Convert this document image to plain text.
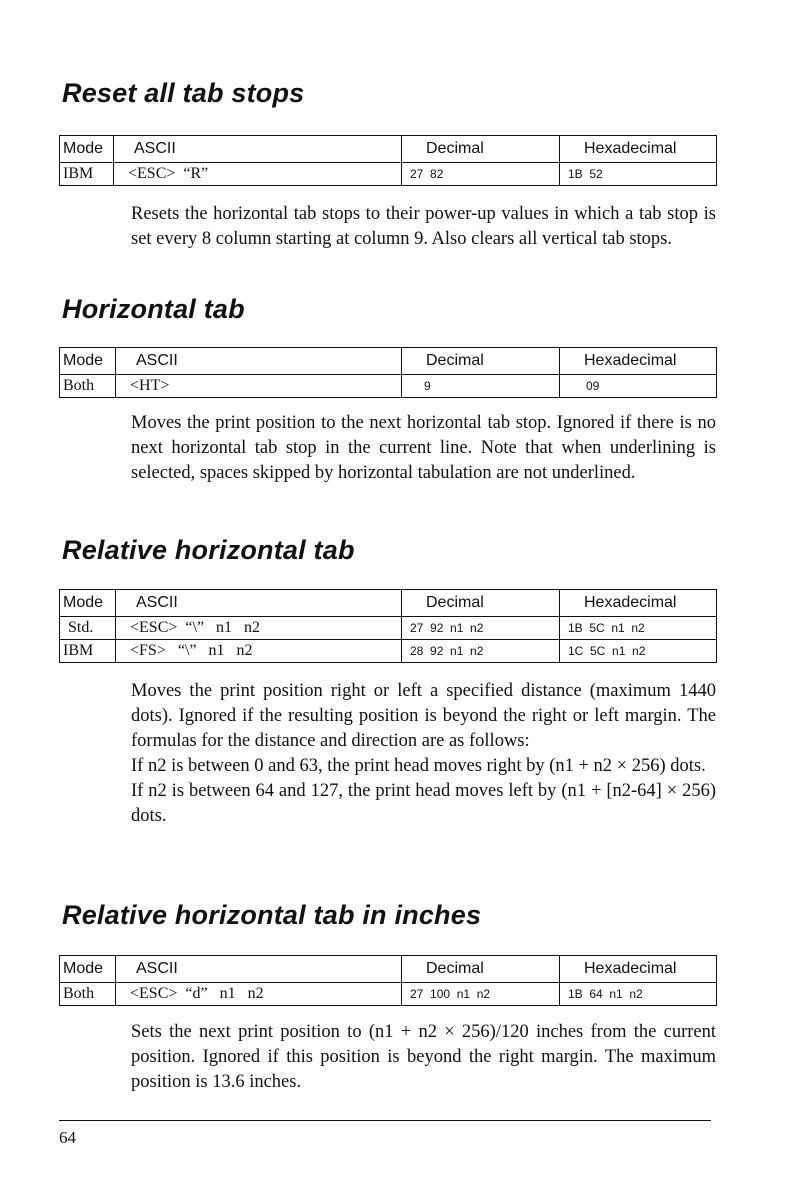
Reset all tab stops
Mode	ASCII	Decimal	Hexadecimal
IBM	<ESC>  “R”	27  82	1B  52

Resets the horizontal tab stops to their power-up values in which a tab stop is set every 8 column starting at column 9. Also clears all vertical tab stops.

Horizontal tab
Mode	ASCII	Decimal	Hexadecimal
Both	<HT>	9	09

Moves the print position to the next horizontal tab stop. Ignored if there is no next horizontal tab stop in the current line. Note that when underlining is selected, spaces skipped by horizontal tabulation are not underlined.

Relative horizontal tab
Mode	ASCII	Decimal	Hexadecimal
Std.	<ESC>  “\”   n1   n2	27  92  n1  n2	1B  5C  n1  n2
IBM	<FS>   “\”   n1   n2	28  92  n1  n2	1C  5C  n1  n2

Moves the print position right or left a specified distance (maximum 1440 dots). Ignored if the resulting position is beyond the right or left margin. The formulas for the distance and direction are as follows:

If n2 is between 0 and 63, the print head moves right by (n1 + n2 × 256) dots.

If n2 is between 64 and 127, the print head moves left by (n1 + [n2-64] × 256) dots.

Relative horizontal tab in inches
Mode	ASCII	Decimal	Hexadecimal
Both	<ESC>  “d”   n1   n2	27  100  n1  n2	1B  64  n1  n2

Sets the next print position to (n1 + n2 × 256)/120 inches from the current position. Ignored if this position is beyond the right margin. The maximum position is 13.6 inches.

64
